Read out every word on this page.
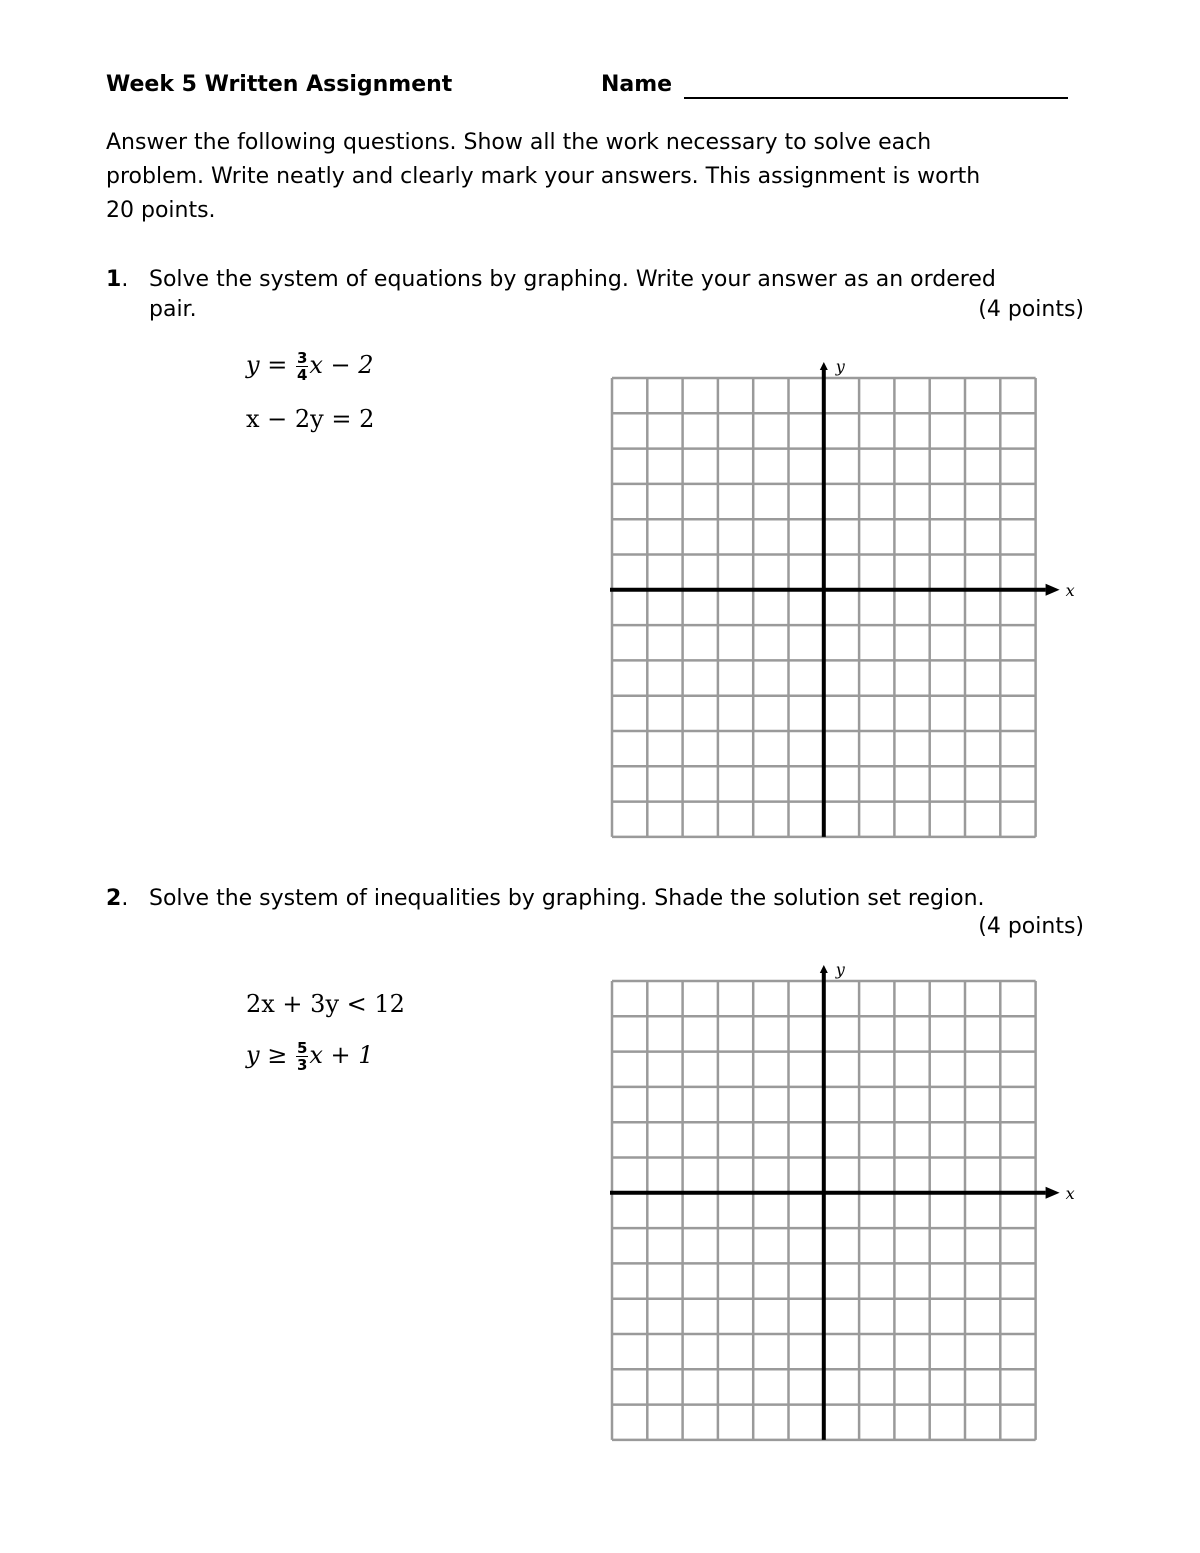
Week 5 Written Assignment	Name
Answer the following questions. Show all the work necessary to solve each
problem. Write neatly and clearly mark your answers. This assignment is worth
20 points.
1. Solve the system of equations by graphing. Write your answer as an ordered
pair.	(4 points)
$y = \frac{3}{4}$ x − 2
x − 2y = 2
y
x
2. Solve the system of inequalities by graphing. Shade the solution set region.
(4 points)
2x + 3y < 12
$y \ge \frac{5}{3}$ x + 1
y
x
